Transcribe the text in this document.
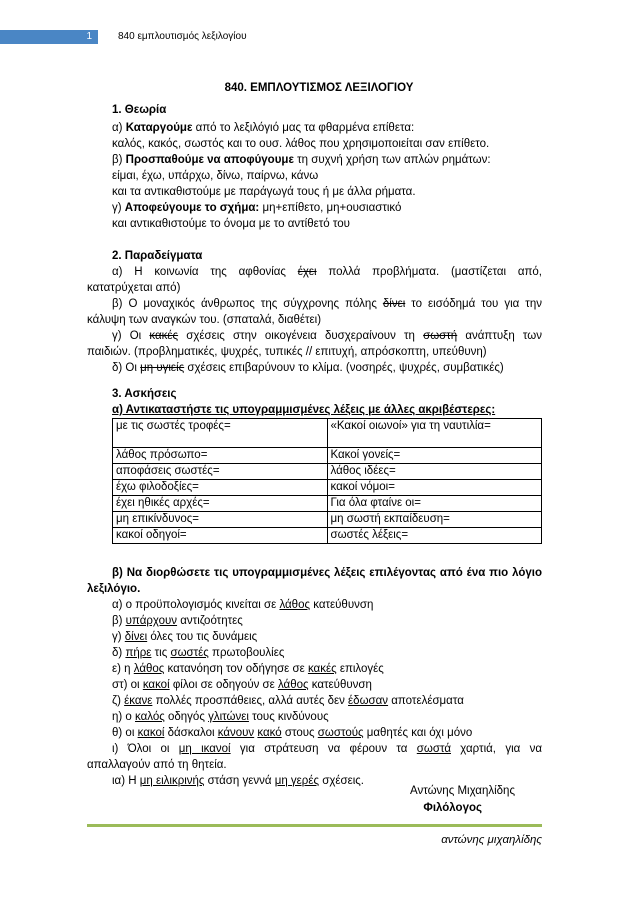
1	840 εμπλουτισμός λεξιλογίου
840. ΕΜΠΛΟΥΤΙΣΜΟΣ ΛΕΞΙΛΟΓΙΟΥ
1. Θεωρία
α) Καταργούμε από το λεξιλόγιό μας τα φθαρμένα επίθετα:
καλός, κακός, σωστός και το ουσ. λάθος που χρησιμοποιείται σαν επίθετο.
β) Προσπαθούμε να αποφύγουμε τη συχνή χρήση των απλών ρημάτων:
είμαι, έχω, υπάρχω, δίνω, παίρνω, κάνω
και τα αντικαθιστούμε με παράγωγά τους ή με άλλα ρήματα.
γ) Αποφεύγουμε το σχήμα: μη+επίθετο, μη+ουσιαστικό
και αντικαθιστούμε το όνομα με το αντίθετό του
2. Παραδείγματα
α) Η κοινωνία της αφθονίας έχει πολλά προβλήματα. (μαστίζεται από,
κατατρύχεται από)
β) Ο μοναχικός άνθρωπος της σύγχρονης πόλης δίνει το εισόδημά του για την
κάλυψη των αναγκών του. (σπαταλά, διαθέτει)
γ) Οι κακές σχέσεις στην οικογένεια δυσχεραίνουν τη σωστή ανάπτυξη των
παιδιών. (προβληματικές, ψυχρές, τυπικές // επιτυχή, απρόσκοπτη, υπεύθυνη)
δ) Οι μη υγιείς σχέσεις επιβαρύνουν το κλίμα. (νοσηρές, ψυχρές, συμβατικές)
3. Ασκήσεις
α) Αντικαταστήστε τις υπογραμμισμένες λέξεις με άλλες ακριβέστερες:
με τις σωστές τροφές=	«Κακοί οιωνοί» για τη ναυτιλία=
λάθος πρόσωπο=	Κακοί γονείς=
αποφάσεις σωστές=	λάθος ιδέες=
έχω φιλοδοξίες=	κακοί νόμοι=
έχει ηθικές αρχές=	Για όλα φταίνε οι=
μη επικίνδυνος=	μη σωστή εκπαίδευση=
κακοί οδηγοί=	σωστές λέξεις=
β) Να διορθώσετε τις υπογραμμισμένες λέξεις επιλέγοντας από ένα πιο λόγιο
λεξιλόγιο.
α) ο προϋπολογισμός κινείται σε λάθος κατεύθυνση
β) υπάρχουν αντιζοότητες
γ) δίνει όλες του τις δυνάμεις
δ) πήρε τις σωστές πρωτοβουλίες
ε) η λάθος κατανόηση τον οδήγησε σε κακές επιλογές
στ) οι κακοί φίλοι σε οδηγούν σε λάθος κατεύθυνση
ζ) έκανε πολλές προσπάθειες, αλλά αυτές δεν έδωσαν αποτελέσματα
η) ο καλός οδηγός γλιτώνει τους κινδύνους
θ) οι κακοί δάσκαλοι κάνουν κακό στους σωστούς μαθητές και όχι μόνο
ι) Όλοι οι μη ικανοί για στράτευση να φέρουν τα σωστά χαρτιά, για να
απαλλαγούν από τη θητεία.
ια) Η μη ειλικρινής στάση γεννά μη γερές σχέσεις.
Αντώνης Μιχαηλίδης
Φιλόλογος
αντώνης μιχαηλίδης
